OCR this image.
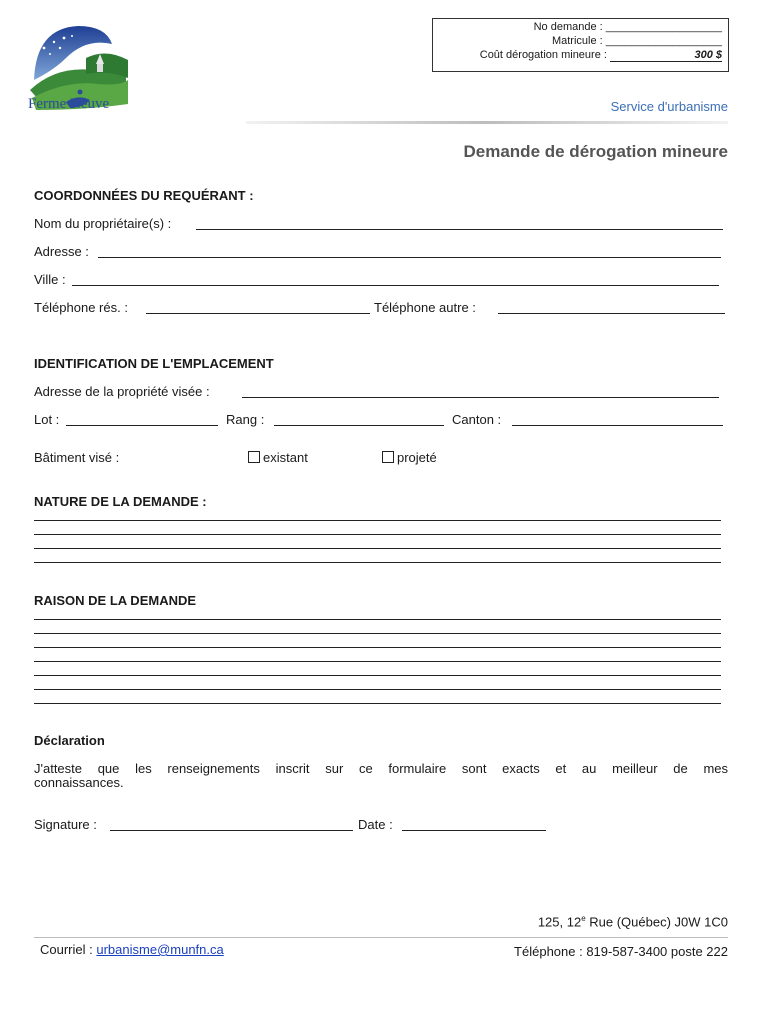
Ferme Neuve
No demande : ___________________
Matricule : ___________________
Coût dérogation mineure :	300 $
Service d'urbanisme
Demande de dérogation mineure
COORDONNÉES DU REQUÉRANT :
Nom du propriétaire(s) :
Adresse :
Ville :
Téléphone rés. :	Téléphone autre :
IDENTIFICATION DE L'EMPLACEMENT
Adresse de la propriété visée :
Lot :	Rang :	Canton :
Bâtiment visé :	existant	projeté
NATURE DE LA DEMANDE :
RAISON DE LA DEMANDE
Déclaration
J'atteste que les renseignements inscrit sur ce formulaire sont exacts et au meilleur de mes
connaissances.
Signature :	Date :
125, 12e Rue (Québec) J0W 1C0
Courriel : urbanisme@munfn.ca	Téléphone : 819-587-3400 poste 222
